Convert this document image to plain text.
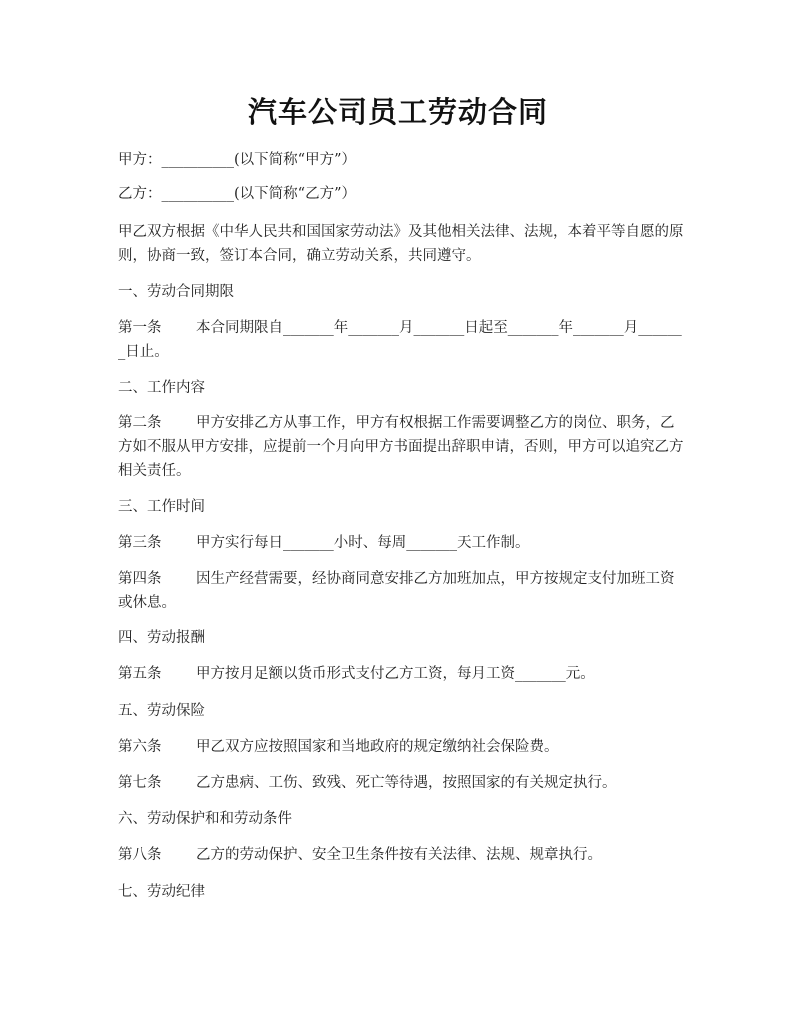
汽车公司员工劳动合同
甲方：__________(以下简称“甲方”）
乙方：__________(以下简称“乙方”）
甲乙双方根据《中华人民共和国国家劳动法》及其他相关法律、法规，本着平等自愿的原则，协商一致，签订本合同，确立劳动关系，共同遵守。
一、劳动合同期限
第一条 本合同期限自_______年_______月_______日起至_______年_______月_______日止。
二、工作内容
第二条 甲方安排乙方从事工作，甲方有权根据工作需要调整乙方的岗位、职务，乙方如不服从甲方安排，应提前一个月向甲方书面提出辞职申请，否则，甲方可以追究乙方相关责任。
三、工作时间
第三条 甲方实行每日_______小时、每周_______天工作制。
第四条 因生产经营需要，经协商同意安排乙方加班加点，甲方按规定支付加班工资或休息。
四、劳动报酬
第五条 甲方按月足额以货币形式支付乙方工资，每月工资_______元。
五、劳动保险
第六条 甲乙双方应按照国家和当地政府的规定缴纳社会保险费。
第七条 乙方患病、工伤、致残、死亡等待遇，按照国家的有关规定执行。
六、劳动保护和和劳动条件
第八条 乙方的劳动保护、安全卫生条件按有关法律、法规、规章执行。
七、劳动纪律
